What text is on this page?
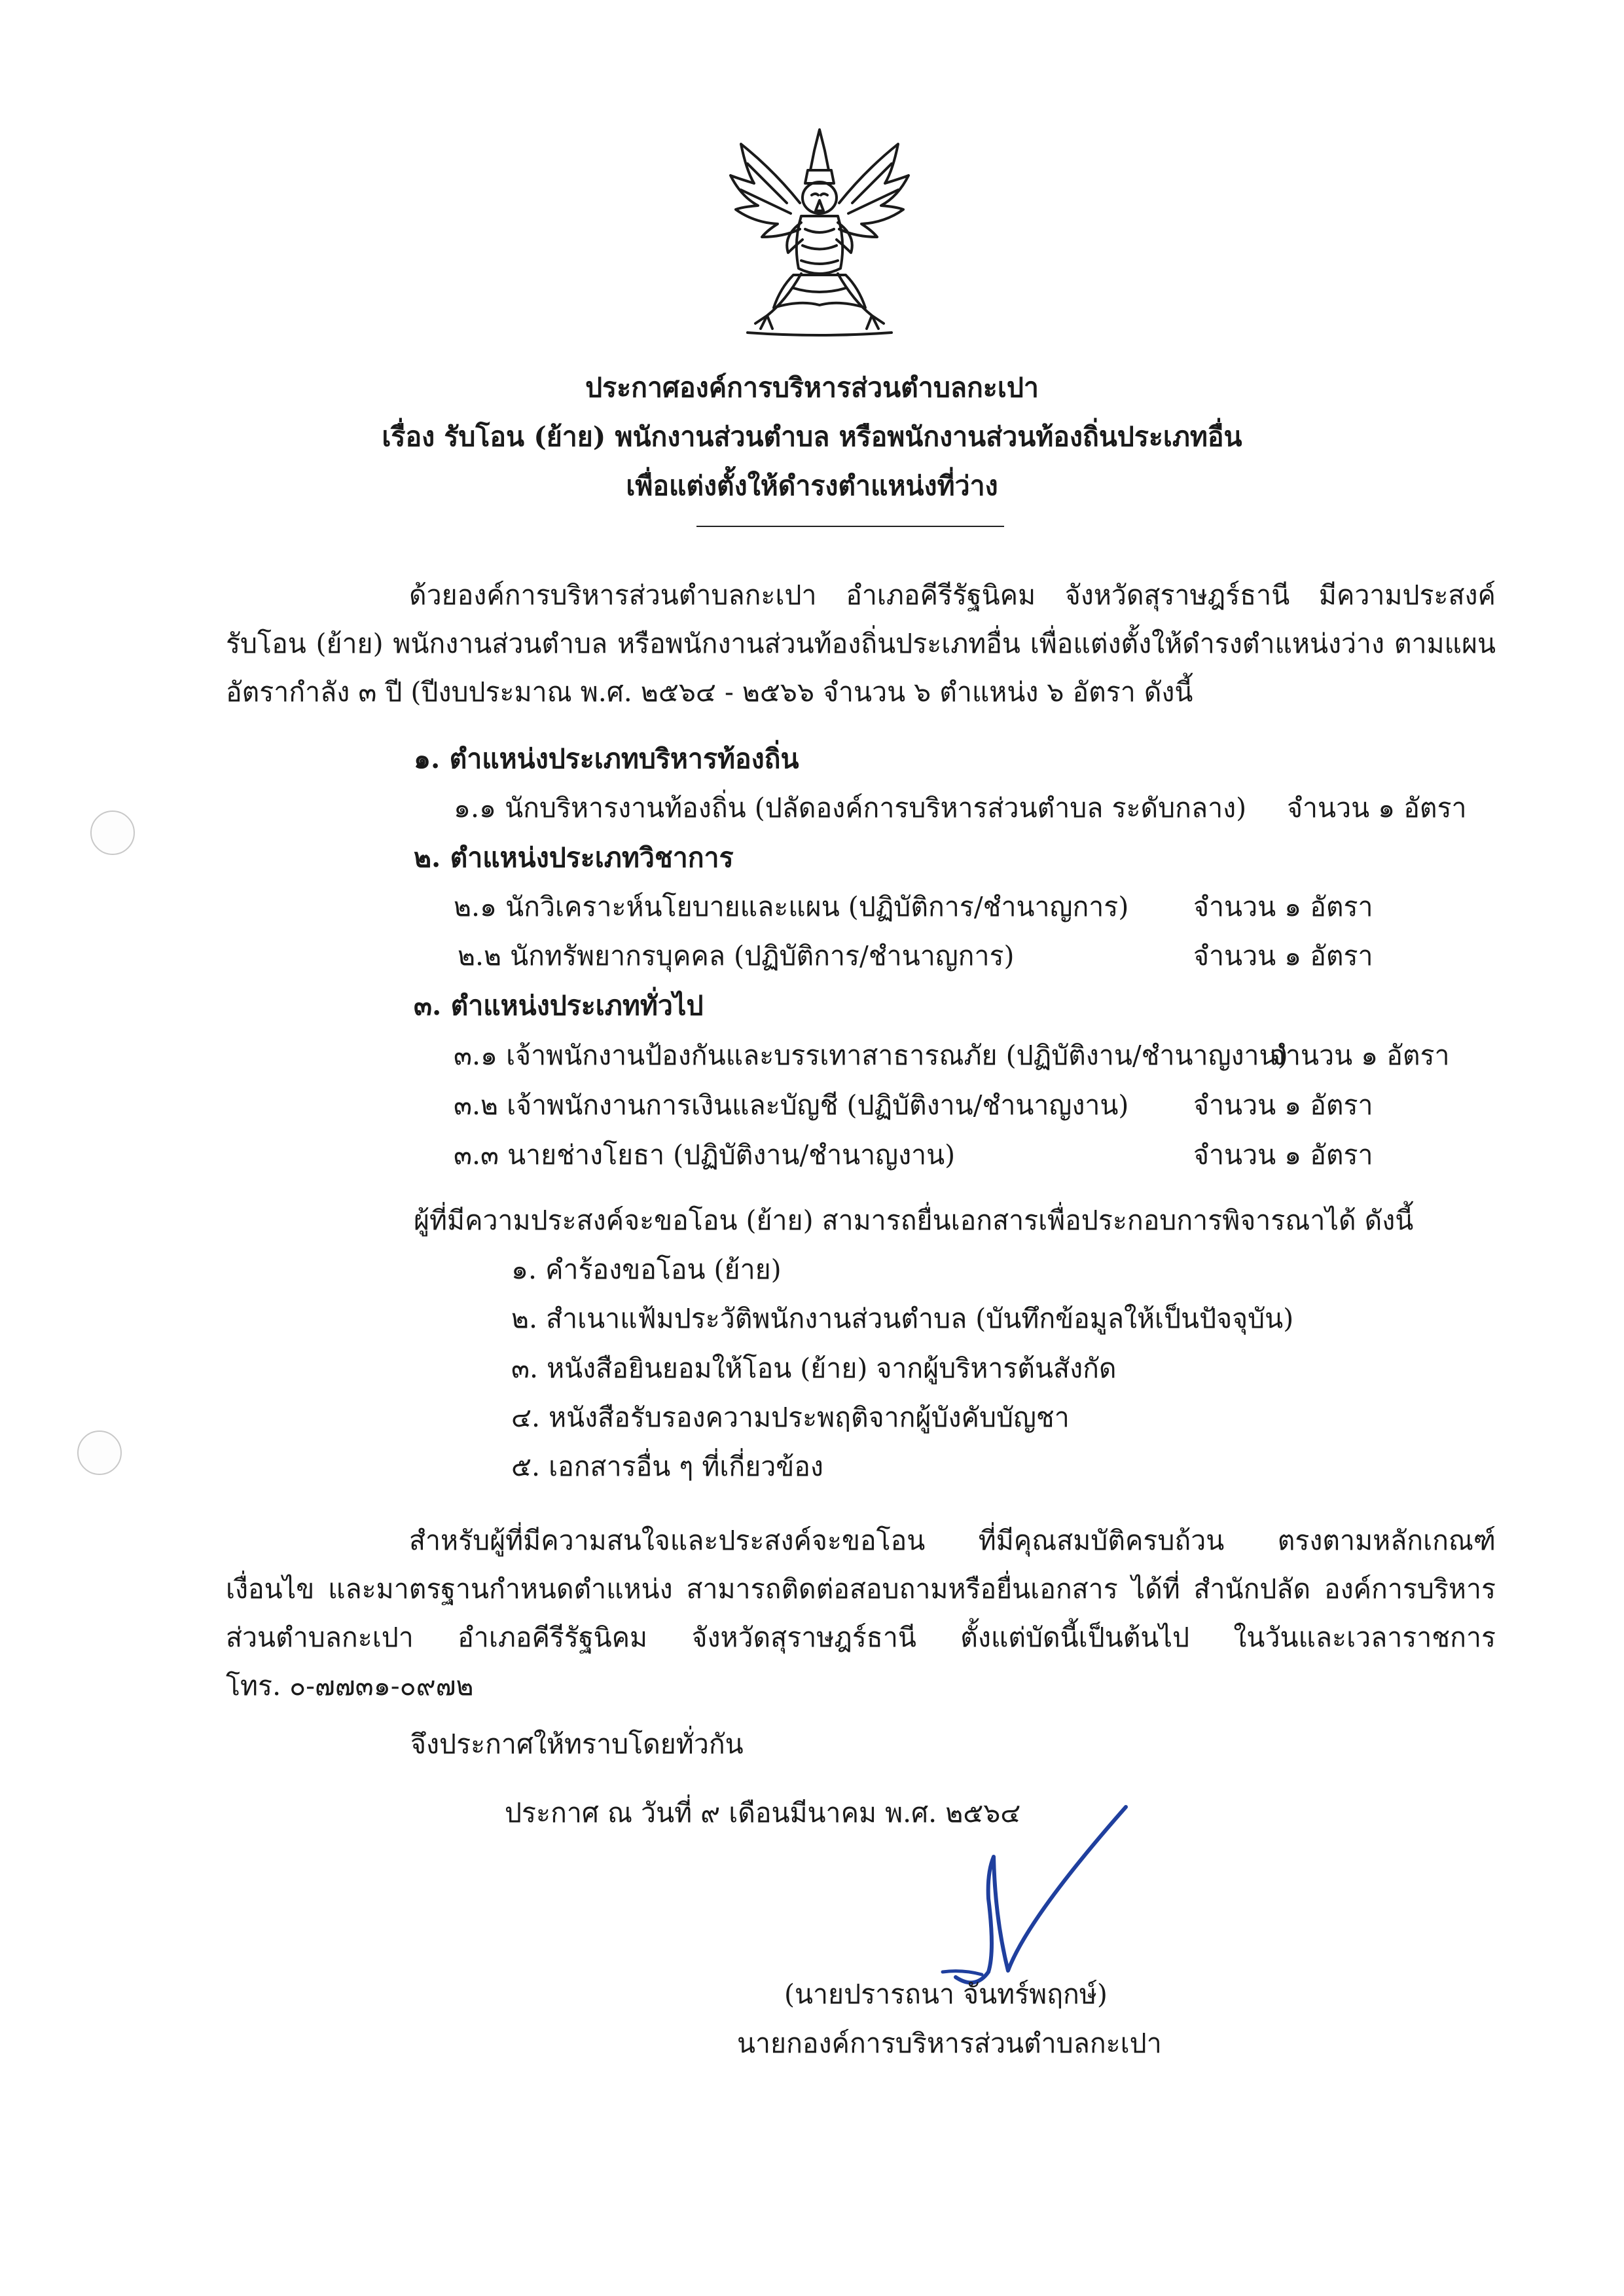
ประกาศองค์การบริหารส่วนตำบลกะเปา
เรื่อง รับโอน (ย้าย) พนักงานส่วนตำบล หรือพนักงานส่วนท้องถิ่นประเภทอื่น
เพื่อแต่งตั้งให้ดำรงตำแหน่งที่ว่าง
ด้วยองค์การบริหารส่วนตำบลกะเปา อำเภอคีรีรัฐนิคม จังหวัดสุราษฎร์ธานี มีความประสงค์
รับโอน (ย้าย) พนักงานส่วนตำบล หรือพนักงานส่วนท้องถิ่นประเภทอื่น เพื่อแต่งตั้งให้ดำรงตำแหน่งว่าง ตามแผน
อัตรากำลัง ๓ ปี (ปีงบประมาณ พ.ศ. ๒๕๖๔ - ๒๕๖๖ จำนวน ๖ ตำแหน่ง ๖ อัตรา ดังนี้
๑. ตำแหน่งประเภทบริหารท้องถิ่น
๑.๑ นักบริหารงานท้องถิ่น (ปลัดองค์การบริหารส่วนตำบล ระดับกลาง) จำนวน ๑ อัตรา
๒. ตำแหน่งประเภทวิชาการ
๒.๑ นักวิเคราะห์นโยบายและแผน (ปฏิบัติการ/ชำนาญการ) จำนวน ๑ อัตรา
๒.๒ นักทรัพยากรบุคคล (ปฏิบัติการ/ชำนาญการ)	จำนวน ๑ อัตรา
๓. ตำแหน่งประเภททั่วไป
๓.๑ เจ้าพนักงานป้องกันและบรรเทาสาธารณภัย (ปฏิบัติงาน/ชำนาญงาน)
จำนวน ๑ อัตรา
๓.๒ เจ้าพนักงานการเงินและบัญชี (ปฏิบัติงาน/ชำนาญงาน) จำนวน ๑ อัตรา
๓.๓ นายช่างโยธา (ปฏิบัติงาน/ชำนาญงาน)	จำนวน ๑ อัตรา
ผู้ที่มีความประสงค์จะขอโอน (ย้าย) สามารถยื่นเอกสารเพื่อประกอบการพิจารณาได้ ดังนี้
๑. คำร้องขอโอน (ย้าย)
๒. สำเนาแฟ้มประวัติพนักงานส่วนตำบล (บันทึกข้อมูลให้เป็นปัจจุบัน)
๓. หนังสือยินยอมให้โอน (ย้าย) จากผู้บริหารต้นสังกัด
๔. หนังสือรับรองความประพฤติจากผู้บังคับบัญชา
๕. เอกสารอื่น ๆ ที่เกี่ยวข้อง
สำหรับผู้ที่มีความสนใจและประสงค์จะขอโอน ที่มีคุณสมบัติครบถ้วน ตรงตามหลักเกณฑ์
เงื่อนไข และมาตรฐานกำหนดตำแหน่ง สามารถติดต่อสอบถามหรือยื่นเอกสาร ได้ที่ สำนักปลัด องค์การบริหาร
ส่วนตำบลกะเปา อำเภอคีรีรัฐนิคม จังหวัดสุราษฎร์ธานี ตั้งแต่บัดนี้เป็นต้นไป ในวันและเวลาราชการ
โทร. ๐-๗๗๓๑-๐๙๗๒
จึงประกาศให้ทราบโดยทั่วกัน
ประกาศ ณ วันที่ ๙ เดือนมีนาคม พ.ศ. ๒๕๖๔
(นายปรารถนา จันทร์พฤกษ์)
นายกองค์การบริหารส่วนตำบลกะเปา
